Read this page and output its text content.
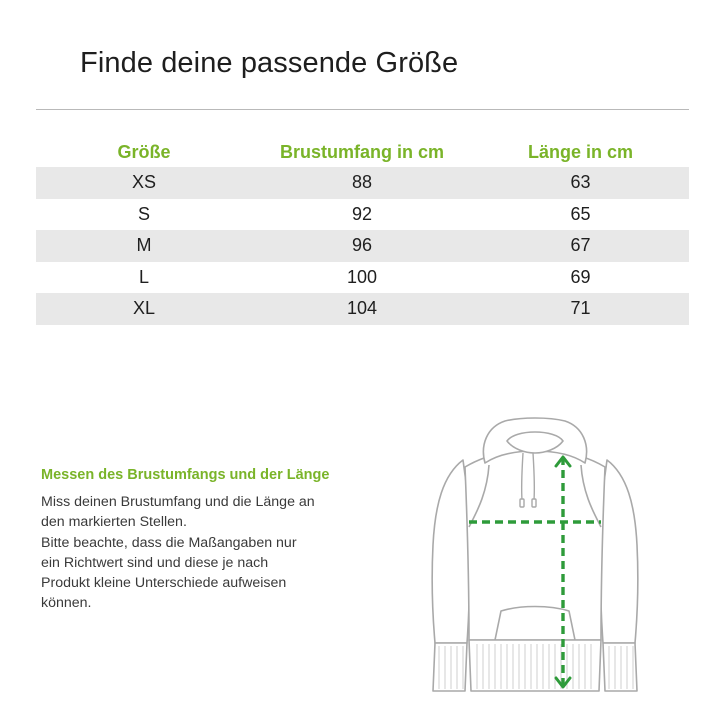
Finde deine passende Größe
Größe	Brustumfang in cm	Länge in cm
XS	88	63
S	92	65
M	96	67
L	100	69
XL	104	71
Messen des Brustumfangs und der Länge

Miss deinen Brustumfang und die Länge an
den markierten Stellen.
Bitte beachte, dass die Maßangaben nur
ein Richtwert sind und diese je nach
Produkt kleine Unterschiede aufweisen
können.
